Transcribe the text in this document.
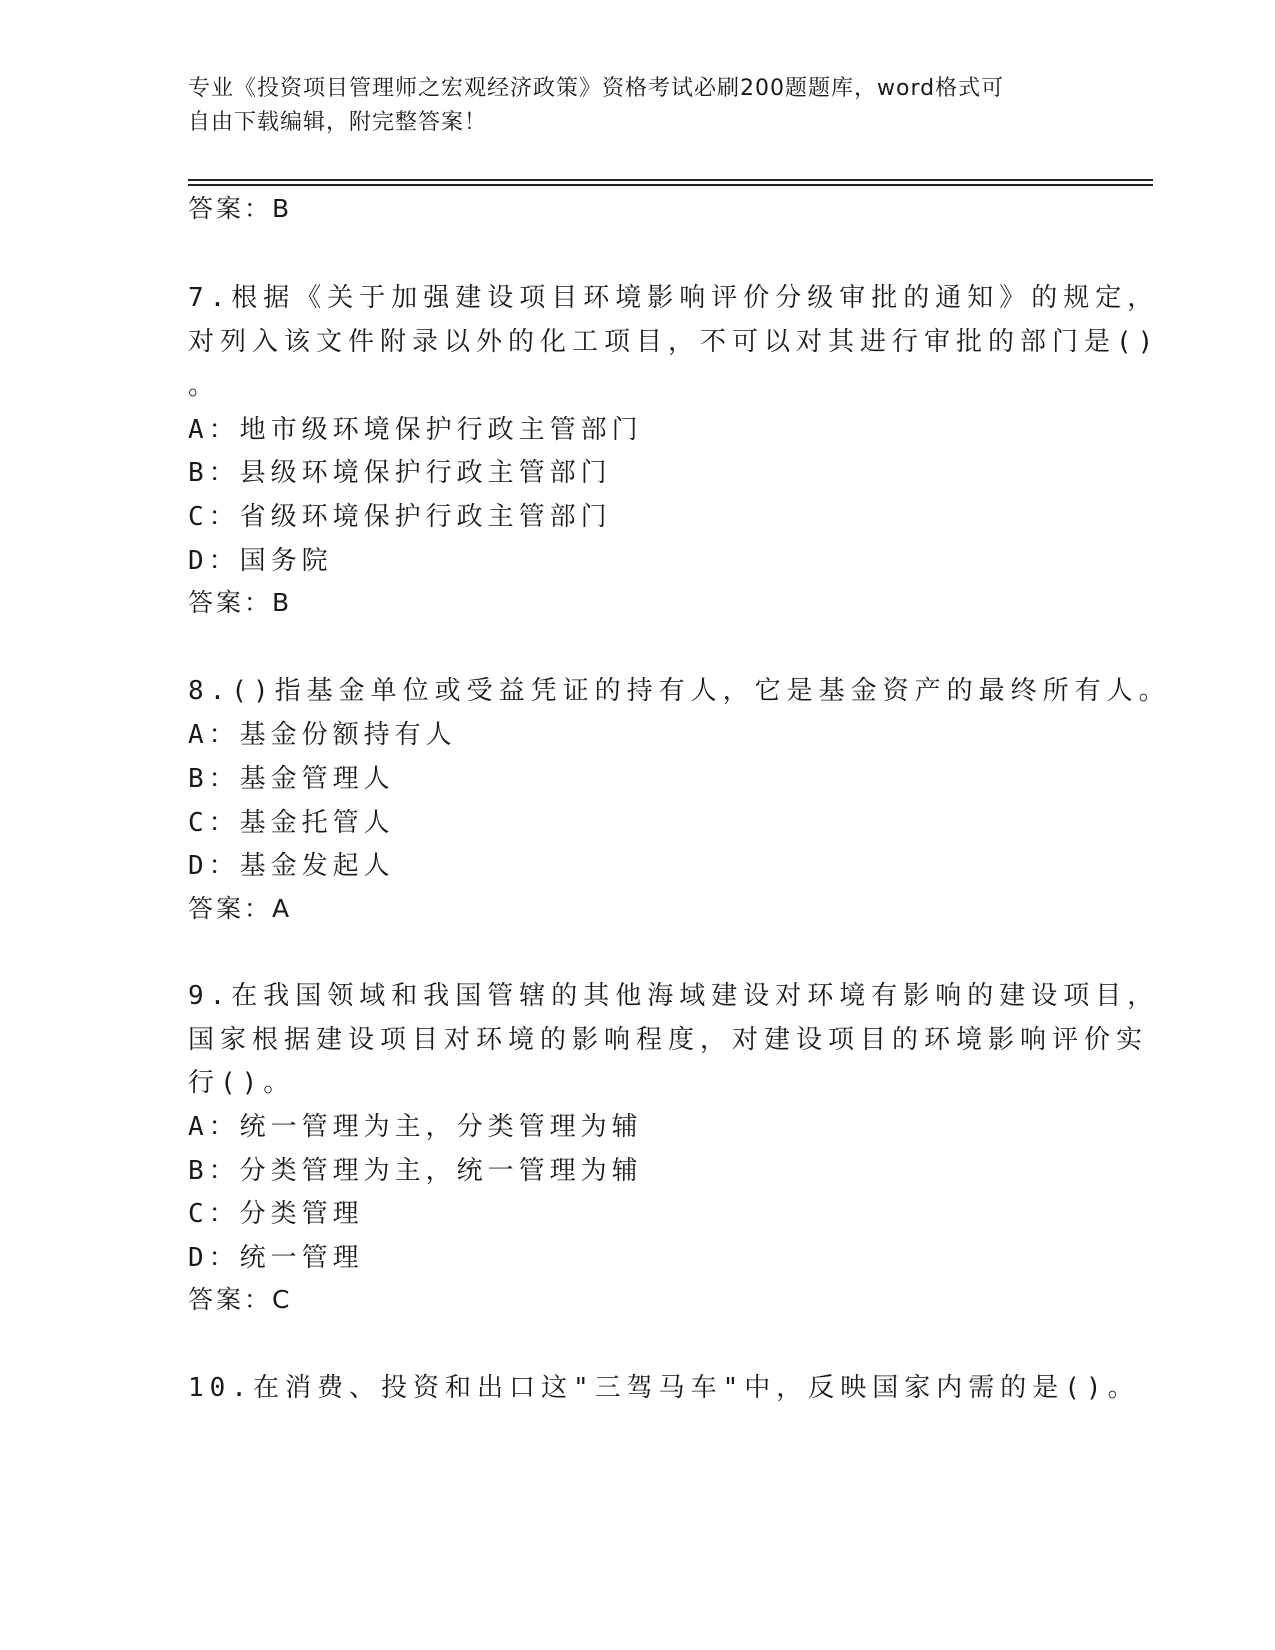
专业《投资项目管理师之宏观经济政策》资格考试必刷200题题库，word格式可
自由下载编辑，附完整答案！
答案：B
7.根据《关于加强建设项目环境影响评价分级审批的通知》的规定，
对列入该文件附录以外的化工项目，不可以对其进行审批的部门是()
。
A：地市级环境保护行政主管部门
B：县级环境保护行政主管部门
C：省级环境保护行政主管部门
D：国务院
答案：B
8.()指基金单位或受益凭证的持有人，它是基金资产的最终所有人。
A：基金份额持有人
B：基金管理人
C：基金托管人
D：基金发起人
答案：A
9.在我国领域和我国管辖的其他海域建设对环境有影响的建设项目，
国家根据建设项目对环境的影响程度，对建设项目的环境影响评价实
行()。
A：统一管理为主，分类管理为辅
B：分类管理为主，统一管理为辅
C：分类管理
D：统一管理
答案：C
10.在消费、投资和出口这"三驾马车"中，反映国家内需的是()。
